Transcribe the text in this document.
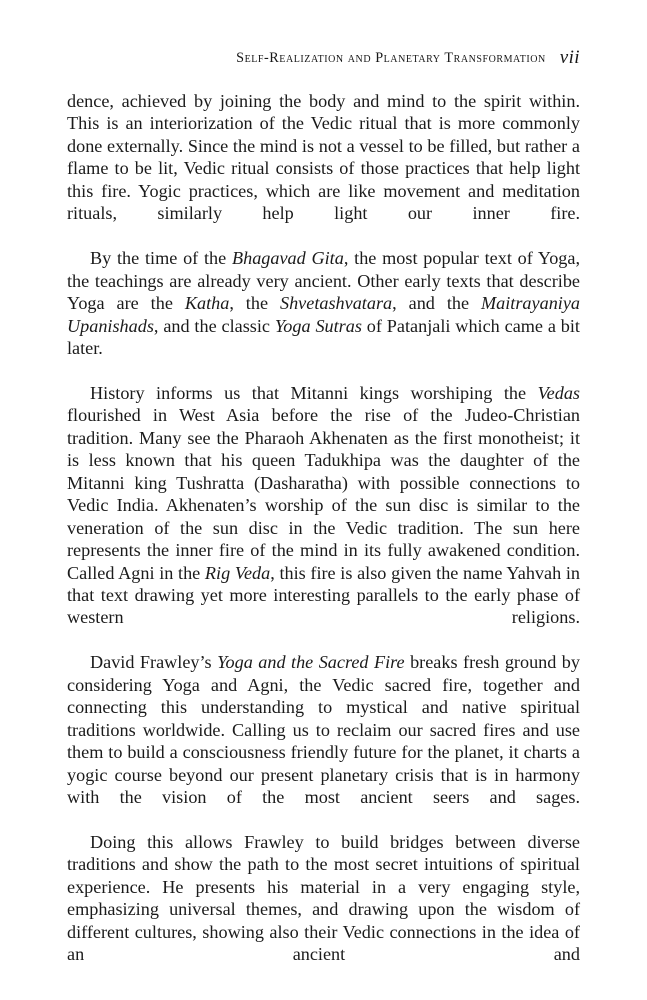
Self-Realization and Planetary Transformation vii

dence, achieved by joining the body and mind to the spirit within. This is an interiorization of the Vedic ritual that is more commonly done externally. Since the mind is not a vessel to be filled, but rather a flame to be lit, Vedic ritual consists of those practices that help light this fire. Yogic practices, which are like movement and meditation rituals, similarly help light our inner fire.

By the time of the Bhagavad Gita, the most popular text of Yoga, the teachings are already very ancient. Other early texts that describe Yoga are the Katha, the Shvetashvatara, and the Maitrayaniya Upanishads, and the classic Yoga Sutras of Patanjali which came a bit later.

History informs us that Mitanni kings worshiping the Vedas flourished in West Asia before the rise of the Judeo-Christian tradition. Many see the Pharaoh Akhenaten as the first monotheist; it is less known that his queen Tadukhipa was the daughter of the Mitanni king Tushratta (Dasharatha) with possible connections to Vedic India. Akhenaten’s worship of the sun disc is similar to the veneration of the sun disc in the Vedic tradition. The sun here represents the inner fire of the mind in its fully awakened condition. Called Agni in the Rig Veda, this fire is also given the name Yahvah in that text drawing yet more interesting parallels to the early phase of western religions.

David Frawley’s Yoga and the Sacred Fire breaks fresh ground by considering Yoga and Agni, the Vedic sacred fire, together and connecting this understanding to mystical and native spiritual traditions worldwide. Calling us to reclaim our sacred fires and use them to build a consciousness friendly future for the planet, it charts a yogic course beyond our present planetary crisis that is in harmony with the vision of the most ancient seers and sages.

Doing this allows Frawley to build bridges between diverse traditions and show the path to the most secret intuitions of spiritual experience. He presents his material in a very engaging style, emphasizing universal themes, and drawing upon the wisdom of different cultures, showing also their Vedic connections in the idea of an ancient and
